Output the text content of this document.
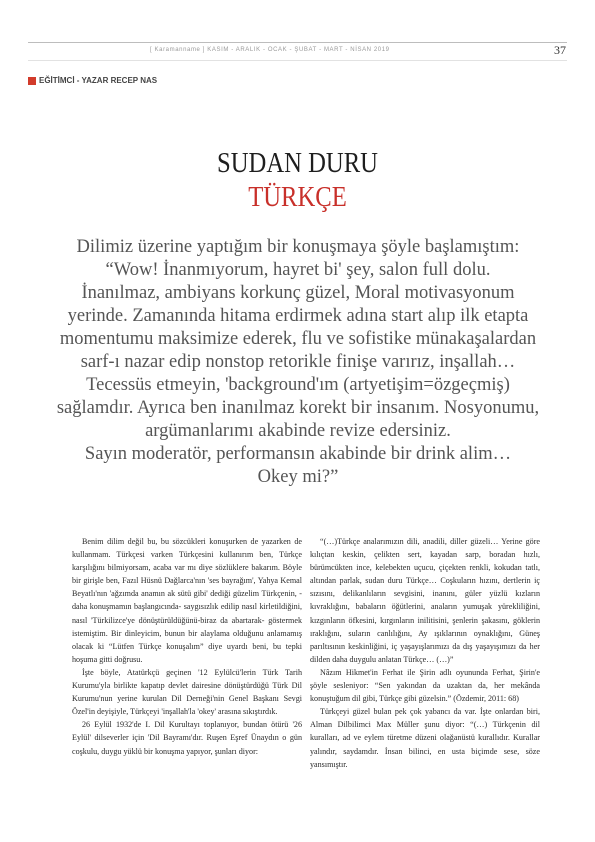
[ Karamanname ] KASIM - ARALIK - OCAK - ŞUBAT - MART - NİSAN 2019	37
EĞİTİMCİ - YAZAR RECEP NAS
SUDAN DURU
TÜRKÇE
Dilimiz üzerine yaptığım bir konuşmaya şöyle başlamıştım:
“Wow! İnanmıyorum, hayret bi' şey, salon full dolu.
İnanılmaz, ambiyans korkunç güzel, Moral motivasyonum
yerinde. Zamanında hitama erdirmek adına start alıp ilk etapta
momentumu maksimize ederek, flu ve sofistike münakaşalardan
sarf-ı nazar edip nonstop retorikle finişe varırız, inşallah…
Tecessüs etmeyin, 'background'ım (artyetişim=özgeçmiş)
sağlamdır. Ayrıca ben inanılmaz korekt bir insanım. Nosyonumu,
argümanlarımı akabinde revize edersiniz.
Sayın moderatör, performansın akabinde bir drink alim…
Okey mi?”

Benim dilim değil bu, bu sözcükleri konuşurken de yazarken de kullanmam. Türkçesi varken Türkçesini kullanırım ben, Türkçe karşılığını bilmiyorsam, acaba var mı diye sözlüklere bakarım. Böyle bir girişle ben, Fazıl Hüsnü Dağlarca'nın 'ses bayrağım', Yahya Kemal Beyatlı'nın 'ağzımda anamın ak sütü gibi' dediği güzelim Türkçenin, -daha konuşmamın başlangıcında- saygısızlık edilip nasıl kirletildiğini, nasıl 'Türkilizce'ye dönüştürüldüğünü-biraz da abartarak- göstermek istemiştim. Bir dinleyicim, bunun bir alaylama olduğunu anlamamış olacak ki “Lütfen Türkçe konuşalım” diye uyardı beni, bu tepki hoşuma gitti doğrusu.

İşte böyle, Atatürkçü geçinen '12 Eylülcü'lerin Türk Tarih Kurumu'yla birlikte kapatıp devlet dairesine dönüştürdüğü Türk Dil Kurumu'nun yerine kurulan Dil Derneği'nin Genel Başkanı Sevgi Özel'in deyişiyle, Türkçeyi 'inşallah'la 'okey' arasına sıkıştırdık.

26 Eylül 1932'de I. Dil Kurultayı toplanıyor, bundan ötürü '26 Eylül' dilseverler için 'Dil Bayramı'dır. Ruşen Eşref Ünaydın o gün coşkulu, duygu yüklü bir konuşma yapıyor, şunları diyor:

“(…)Türkçe analarımızın dili, anadili, diller güzeli… Yerine göre kılıçtan keskin, çelikten sert, kayadan sarp, boradan hızlı, bürümcükten ince, kelebekten uçucu, çiçekten renkli, kokudan tatlı, altından parlak, sudan duru Türkçe… Coşkuların hızını, dertlerin iç sızısını, delikanlıların sevgisini, inanını, güler yüzlü kızların kıvraklığını, babaların öğütlerini, anaların yumuşak yürekliliğini, kızgınların öfkesini, kırgınların inilitisini, şenlerin şakasını, göklerin ıraklığını, suların canlılığını, Ay ışıklarının oynaklığını, Güneş parıltısının keskinliğini, iç yaşayışlarımızı da dış yaşayışımızı da her dilden daha duygulu anlatan Türkçe… (…)”

Nâzım Hikmet'in Ferhat ile Şirin adlı oyununda Ferhat, Şirin'e şöyle sesleniyor: “Sen yakından da uzaktan da, her mekânda konuştuğum dil gibi, Türkçe gibi güzelsin.” (Özdemir, 2011: 68)

Türkçeyi güzel bulan pek çok yabancı da var. İşte onlardan biri, Alman Dilbilimci Max Müller şunu diyor: “(…) Türkçenin dil kuralları, ad ve eylem türetme düzeni olağanüstü kurallıdır. Kurallar yalındır, saydamdır. İnsan bilinci, en usta biçimde sese, söze yansımıştır.
